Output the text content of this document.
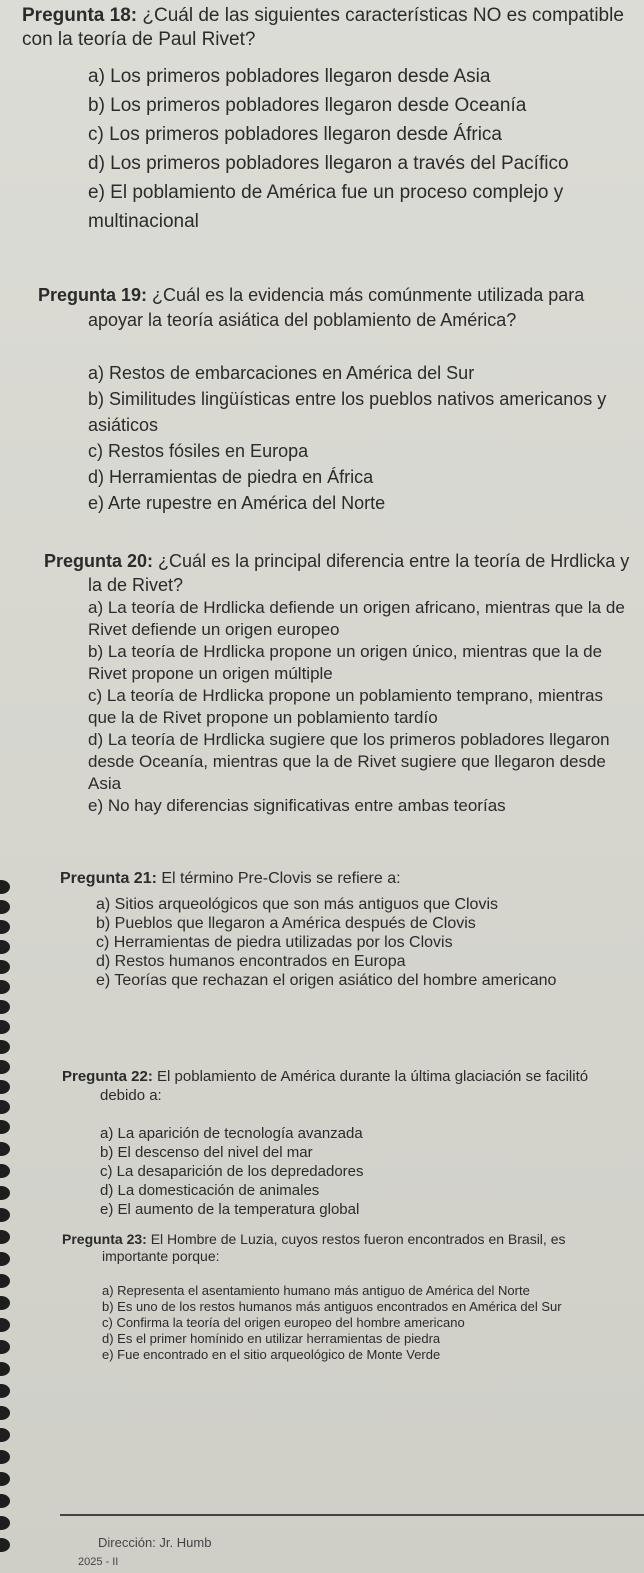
Pregunta 18: ¿Cuál de las siguientes características NO es compatible con la teoría de Paul Rivet?
a) Los primeros pobladores llegaron desde Asia
b) Los primeros pobladores llegaron desde Oceanía
c) Los primeros pobladores llegaron desde África
d) Los primeros pobladores llegaron a través del Pacífico
e) El poblamiento de América fue un proceso complejo y multinacional
Pregunta 19: ¿Cuál es la evidencia más comúnmente utilizada para apoyar la teoría asiática del poblamiento de América?
a) Restos de embarcaciones en América del Sur
b) Similitudes lingüísticas entre los pueblos nativos americanos y asiáticos
c) Restos fósiles en Europa
d) Herramientas de piedra en África
e) Arte rupestre en América del Norte
Pregunta 20: ¿Cuál es la principal diferencia entre la teoría de Hrdlicka y la de Rivet?
a) La teoría de Hrdlicka defiende un origen africano, mientras que la de Rivet defiende un origen europeo
b) La teoría de Hrdlicka propone un origen único, mientras que la de Rivet propone un origen múltiple
c) La teoría de Hrdlicka propone un poblamiento temprano, mientras que la de Rivet propone un poblamiento tardío
d) La teoría de Hrdlicka sugiere que los primeros pobladores llegaron desde Oceanía, mientras que la de Rivet sugiere que llegaron desde Asia
e) No hay diferencias significativas entre ambas teorías
Pregunta 21: El término Pre-Clovis se refiere a:
a) Sitios arqueológicos que son más antiguos que Clovis
b) Pueblos que llegaron a América después de Clovis
c) Herramientas de piedra utilizadas por los Clovis
d) Restos humanos encontrados en Europa
e) Teorías que rechazan el origen asiático del hombre americano
Pregunta 22: El poblamiento de América durante la última glaciación se facilitó debido a:
a) La aparición de tecnología avanzada
b) El descenso del nivel del mar
c) La desaparición de los depredadores
d) La domesticación de animales
e) El aumento de la temperatura global
Pregunta 23: El Hombre de Luzia, cuyos restos fueron encontrados en Brasil, es importante porque:
a) Representa el asentamiento humano más antiguo de América del Norte
b) Es uno de los restos humanos más antiguos encontrados en América del Sur
c) Confirma la teoría del origen europeo del hombre americano
d) Es el primer homínido en utilizar herramientas de piedra
e) Fue encontrado en el sitio arqueológico de Monte Verde
Dirección: Jr. Humb
2025 - II
